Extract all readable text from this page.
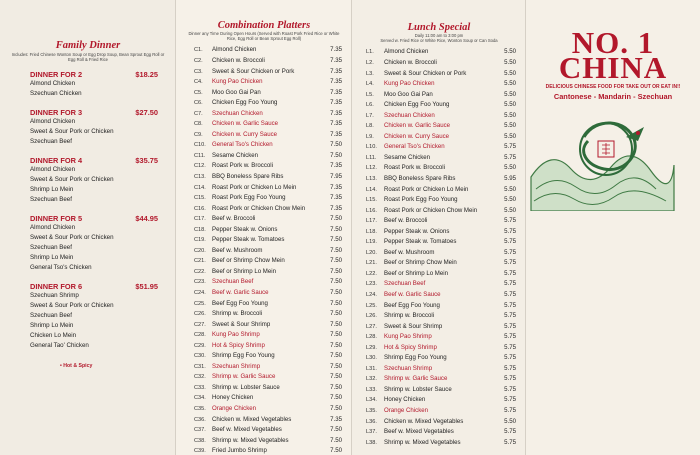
Family Dinner
Includes: Fried Chinese Wonton Soup or Egg Drop Soup, Bean Sprout Egg Roll or Egg Roll & Fried Rice
DINNER FOR 2	$18.25
Almond Chicken
Szechuan Chicken
DINNER FOR 3	$27.50
Almond Chicken
Sweet & Sour Pork or Chicken
Szechuan Beef
DINNER FOR 4	$35.75
Almond Chicken
Sweet & Sour Pork or Chicken
Shrimp Lo Mein
Szechuan Beef
DINNER FOR 5	$44.95
Almond Chicken
Sweet & Sour Pork or Chicken
Szechuan Beef
Shrimp Lo Mein
General Tso's Chicken
DINNER FOR 6	$51.95
Szechuan Shrimp
Sweet & Sour Pork or Chicken
Szechuan Beef
Shrimp Lo Mein
Chicken Lo Mein
General Tao' Chicken
• Hot & Spicy
Combination Platters
Dinner any Time During Open Hours (Served with Roast Pork Fried Rice or White Rice, Egg Roll or Bean Sprout Egg Roll)
C1.	Almond Chicken	7.35
C2.	Chicken w. Broccoli	7.35
C3.	Sweet & Sour Chicken or Pork	7.35
C4.	Kung Pao Chicken	7.35
C5.	Moo Goo Gai Pan	7.35
C6.	Chicken Egg Foo Young	7.35
C7.	Szechuan Chicken	7.35
C8.	Chicken w. Garlic Sauce	7.35
C9.	Chicken w. Curry Sauce	7.35
C10.	General Tso's Chicken	7.50
C11.	Sesame Chicken	7.50
C12.	Roast Pork w. Broccoli	7.35
C13.	BBQ Boneless Spare Ribs	7.95
C14.	Roast Pork or Chicken Lo Mein	7.35
C15.	Roast Pork Egg Foo Young	7.35
C16.	Roast Pork or Chicken Chow Mein	7.35
C17.	Beef w. Broccoli	7.50
C18.	Pepper Steak w. Onions	7.50
C19.	Pepper Steak w. Tomatoes	7.50
C20.	Beef w. Mushroom	7.50
C21.	Beef or Shrimp Chow Mein	7.50
C22.	Beef or Shrimp Lo Mein	7.50
C23.	Szechuan Beef	7.50
C24.	Beef w. Garlic Sauce	7.50
C25.	Beef Egg Foo Young	7.50
C26.	Shrimp w. Broccoli	7.50
C27.	Sweet & Sour Shrimp	7.50
C28.	Kung Pao Shrimp	7.50
C29.	Hot & Spicy Shrimp	7.50
C30.	Shrimp Egg Foo Young	7.50
C31.	Szechuan Shrimp	7.50
C32.	Shrimp w. Garlic Sauce	7.50
C33.	Shrimp w. Lobster Sauce	7.50
C34.	Honey Chicken	7.50
C35.	Orange Chicken	7.50
C36.	Chicken w. Mixed Vegetables	7.35
C37.	Beef w. Mixed Vegetables	7.50
C38.	Shrimp w. Mixed Vegetables	7.50
C39.	Fried Jumbo Shrimp	7.50
Lunch Special
Daily 11:00 am to 3:00 pm
Served w. Fried Rice or White Rice, Wonton Soup or Can Soda
L1.	Almond Chicken	5.50
L2.	Chicken w. Broccoli	5.50
L3.	Sweet & Sour Chicken or Pork	5.50
L4.	Kung Pao Chicken	5.50
L5.	Moo Goo Gai Pan	5.50
L6.	Chicken Egg Foo Young	5.50
L7.	Szechuan Chicken	5.50
L8.	Chicken w. Garlic Sauce	5.50
L9.	Chicken w. Curry Sauce	5.50
L10.	General Tso's Chicken	5.75
L11.	Sesame Chicken	5.75
L12.	Roast Pork w. Broccoli	5.50
L13.	BBQ Boneless Spare Ribs	5.95
L14.	Roast Pork or Chicken Lo Mein	5.50
L15.	Roast Pork Egg Foo Young	5.50
L16.	Roast Pork or Chicken Chow Mein	5.50
L17.	Beef w. Broccoli	5.75
L18.	Pepper Steak w. Onions	5.75
L19.	Pepper Steak w. Tomatoes	5.75
L20.	Beef w. Mushroom	5.75
L21.	Beef or Shrimp Chow Mein	5.75
L22.	Beef or Shrimp Lo Mein	5.75
L23.	Szechuan Beef	5.75
L24.	Beef w. Garlic Sauce	5.75
L25.	Beef Egg Foo Young	5.75
L26.	Shrimp w. Broccoli	5.75
L27.	Sweet & Sour Shrimp	5.75
L28.	Kung Pao Shrimp	5.75
L29.	Hot & Spicy Shrimp	5.75
L30.	Shrimp Egg Foo Young	5.75
L31.	Szechuan Shrimp	5.75
L32.	Shrimp w. Garlic Sauce	5.75
L33.	Shrimp w. Lobster Sauce	5.75
L34.	Honey Chicken	5.75
L35.	Orange Chicken	5.75
L36.	Chicken w. Mixed Vegetables	5.50
L37.	Beef w. Mixed Vegetables	5.75
L38.	Shrimp w. Mixed Vegetables	5.75
NO. 1
CHINA
DELICIOUS CHINESE FOOD FOR TAKE OUT OR EAT IN!!
Cantonese - Mandarin - Szechuan
